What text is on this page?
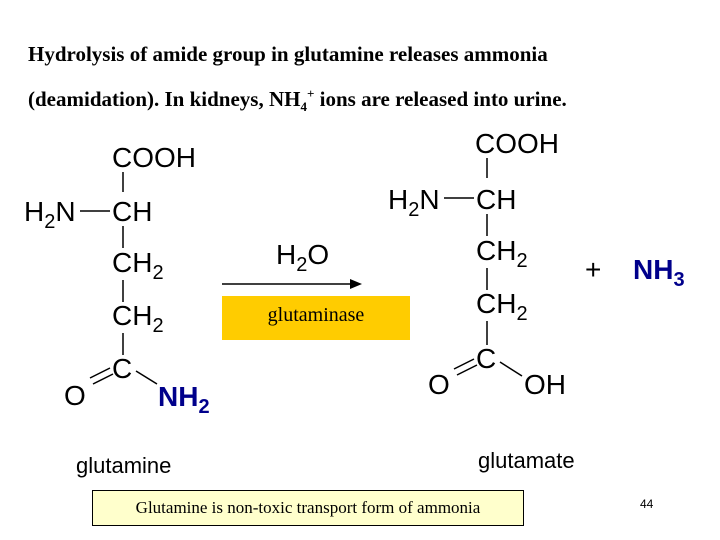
Hydrolysis of amide group in glutamine releases ammonia
(deamidation). In kidneys, $NH_4^+$ ions are released into urine.
COOH
$H_2N$ CH
$CH_2$
$CH_2$
C
O	$NH_2$
glutamine
$H_2O$
COOH
$H_2N$ CH
$CH_2$
$CH_2$
C
O	OH
glutamate
+ $NH_3$
glutaminase
Glutamine is non-toxic transport form of ammonia	44
